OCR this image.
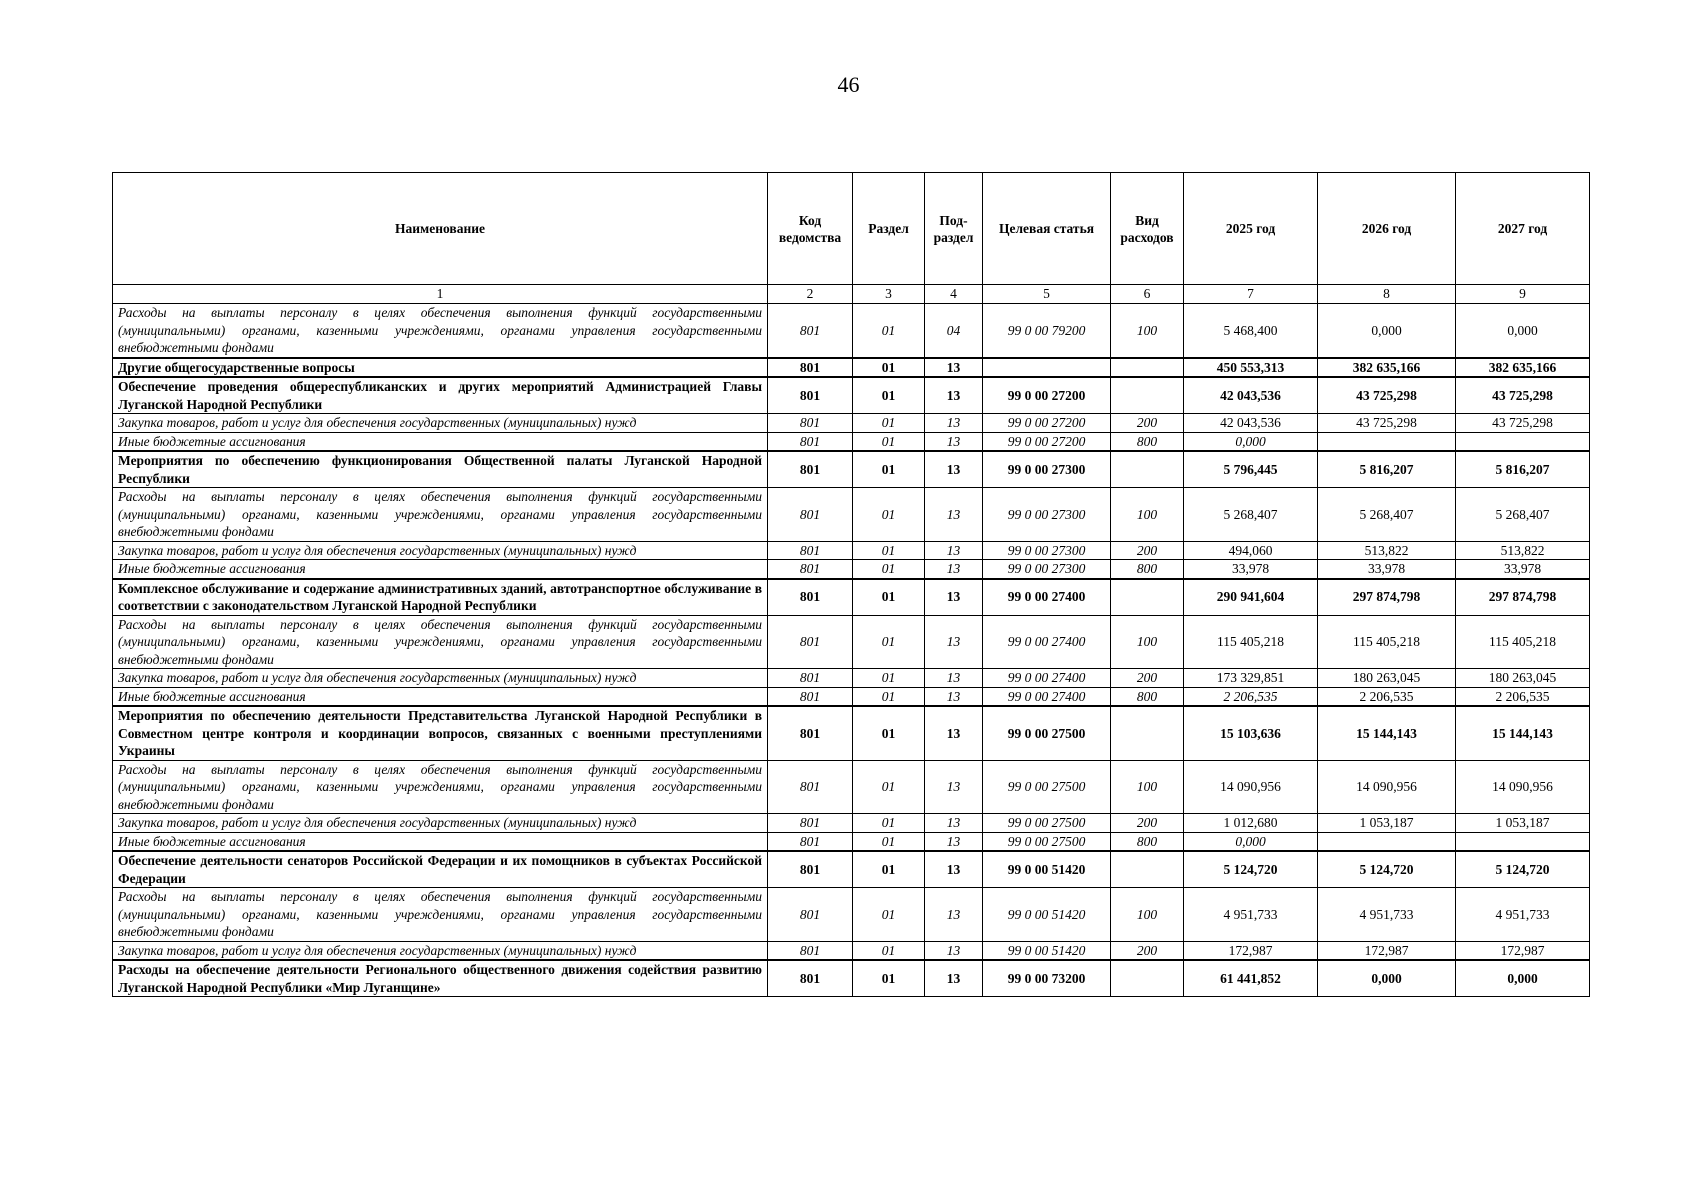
46
Наименование	Код ведомства	Раздел	Под-раздел	Целевая статья	Вид расходов	2025 год	2026 год	2027 год
1	2	3	4	5	6	7	8	9
Расходы на выплаты персоналу в целях обеспечения выполнения функций государственными (муниципальными) органами, казенными учреждениями, органами управления государственными внебюджетными фондами	801	01	04	99 0 00 79200	100	5 468,400	0,000	0,000
Другие общегосударственные вопросы	801	01	13			450 553,313	382 635,166	382 635,166
Обеспечение проведения общереспубликанских и других мероприятий Администрацией Главы Луганской Народной Республики	801	01	13	99 0 00 27200		42 043,536	43 725,298	43 725,298
Закупка товаров, работ и услуг для обеспечения государственных (муниципальных) нужд	801	01	13	99 0 00 27200	200	42 043,536	43 725,298	43 725,298
Иные бюджетные ассигнования	801	01	13	99 0 00 27200	800	0,000		
Мероприятия по обеспечению функционирования Общественной палаты Луганской Народной Республики	801	01	13	99 0 00 27300		5 796,445	5 816,207	5 816,207
Расходы на выплаты персоналу в целях обеспечения выполнения функций государственными (муниципальными) органами, казенными учреждениями, органами управления государственными внебюджетными фондами	801	01	13	99 0 00 27300	100	5 268,407	5 268,407	5 268,407
Закупка товаров, работ и услуг для обеспечения государственных (муниципальных) нужд	801	01	13	99 0 00 27300	200	494,060	513,822	513,822
Иные бюджетные ассигнования	801	01	13	99 0 00 27300	800	33,978	33,978	33,978
Комплексное обслуживание и содержание административных зданий, автотранспортное обслуживание в соответствии с законодательством Луганской Народной Республики	801	01	13	99 0 00 27400		290 941,604	297 874,798	297 874,798
Расходы на выплаты персоналу в целях обеспечения выполнения функций государственными (муниципальными) органами, казенными учреждениями, органами управления государственными внебюджетными фондами	801	01	13	99 0 00 27400	100	115 405,218	115 405,218	115 405,218
Закупка товаров, работ и услуг для обеспечения государственных (муниципальных) нужд	801	01	13	99 0 00 27400	200	173 329,851	180 263,045	180 263,045
Иные бюджетные ассигнования	801	01	13	99 0 00 27400	800	2 206,535	2 206,535	2 206,535
Мероприятия по обеспечению деятельности Представительства Луганской Народной Республики в Совместном центре контроля и координации вопросов, связанных с военными преступлениями Украины	801	01	13	99 0 00 27500		15 103,636	15 144,143	15 144,143
Расходы на выплаты персоналу в целях обеспечения выполнения функций государственными (муниципальными) органами, казенными учреждениями, органами управления государственными внебюджетными фондами	801	01	13	99 0 00 27500	100	14 090,956	14 090,956	14 090,956
Закупка товаров, работ и услуг для обеспечения государственных (муниципальных) нужд	801	01	13	99 0 00 27500	200	1 012,680	1 053,187	1 053,187
Иные бюджетные ассигнования	801	01	13	99 0 00 27500	800	0,000		
Обеспечение деятельности сенаторов Российской Федерации и их помощников в субъектах Российской Федерации	801	01	13	99 0 00 51420		5 124,720	5 124,720	5 124,720
Расходы на выплаты персоналу в целях обеспечения выполнения функций государственными (муниципальными) органами, казенными учреждениями, органами управления государственными внебюджетными фондами	801	01	13	99 0 00 51420	100	4 951,733	4 951,733	4 951,733
Закупка товаров, работ и услуг для обеспечения государственных (муниципальных) нужд	801	01	13	99 0 00 51420	200	172,987	172,987	172,987
Расходы на обеспечение деятельности Регионального общественного движения содействия развитию Луганской Народной Республики «Мир Луганщине»	801	01	13	99 0 00 73200		61 441,852	0,000	0,000
